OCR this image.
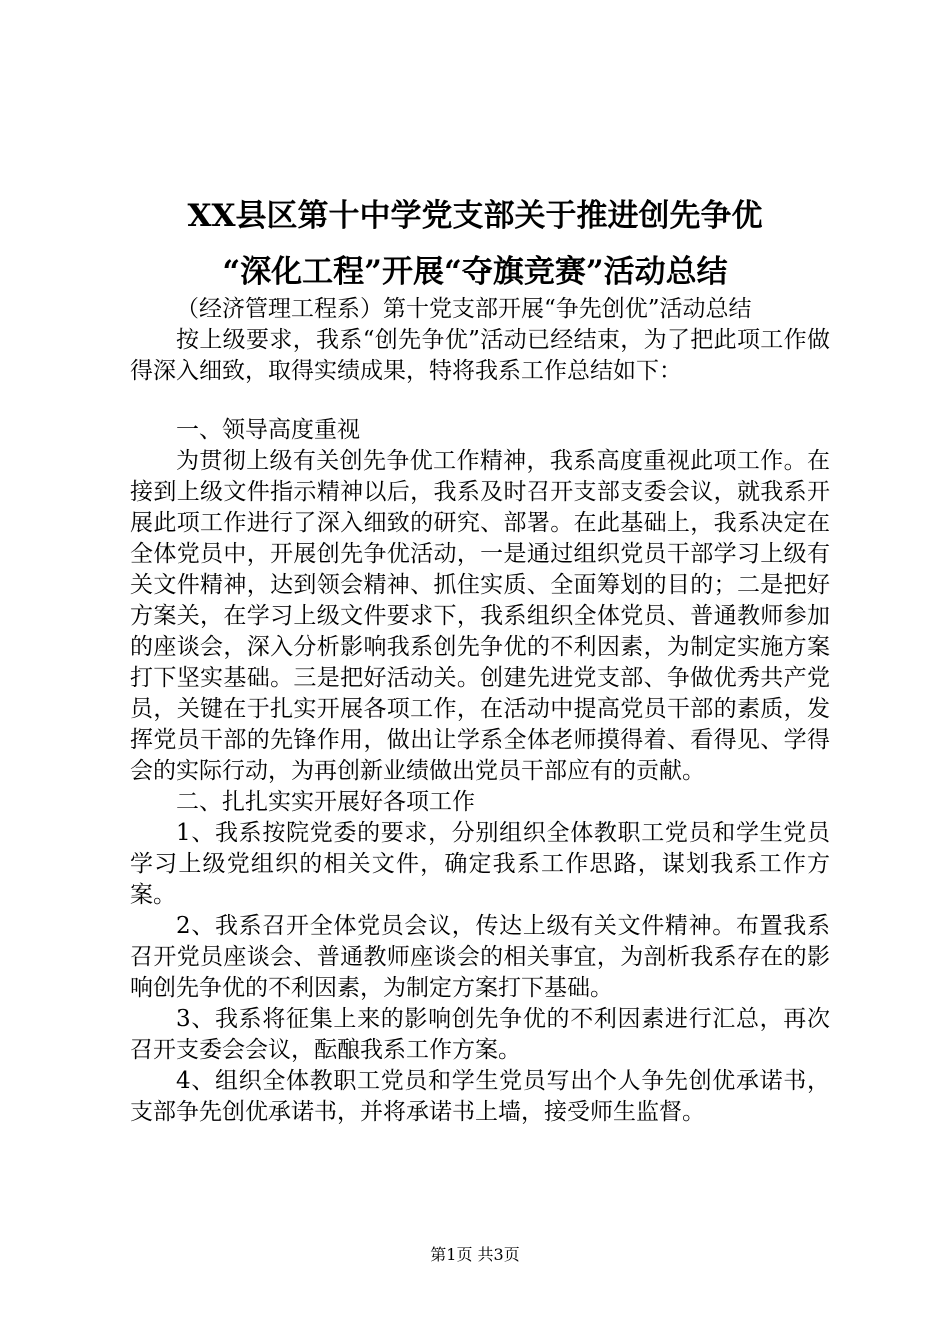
XX县区第十中学党支部关于推进创先争优

“深化工程”开展“夺旗竞赛”活动总结

（经济管理工程系）第十党支部开展“争先创优”活动总结

按上级要求，我系“创先争优”活动已经结束，为了把此项工作做得深入细致，取得实绩成果，特将我系工作总结如下：

一、领导高度重视

为贯彻上级有关创先争优工作精神，我系高度重视此项工作。在接到上级文件指示精神以后，我系及时召开支部支委会议，就我系开展此项工作进行了深入细致的研究、部署。在此基础上，我系决定在全体党员中，开展创先争优活动，一是通过组织党员干部学习上级有关文件精神，达到领会精神、抓住实质、全面筹划的目的；二是把好方案关，在学习上级文件要求下，我系组织全体党员、普通教师参加的座谈会，深入分析影响我系创先争优的不利因素，为制定实施方案打下坚实基础。三是把好活动关。创建先进党支部、争做优秀共产党员，关键在于扎实开展各项工作，在活动中提高党员干部的素质，发挥党员干部的先锋作用，做出让学系全体老师摸得着、看得见、学得会的实际行动，为再创新业绩做出党员干部应有的贡献。

二、扎扎实实开展好各项工作

1、我系按院党委的要求，分别组织全体教职工党员和学生党员学习上级党组织的相关文件，确定我系工作思路，谋划我系工作方案。

2、我系召开全体党员会议，传达上级有关文件精神。布置我系召开党员座谈会、普通教师座谈会的相关事宜，为剖析我系存在的影响创先争优的不利因素，为制定方案打下基础。

3、我系将征集上来的影响创先争优的不利因素进行汇总，再次召开支委会会议，酝酿我系工作方案。

4、组织全体教职工党员和学生党员写出个人争先创优承诺书，支部争先创优承诺书，并将承诺书上墙，接受师生监督。

第1页 共3页
